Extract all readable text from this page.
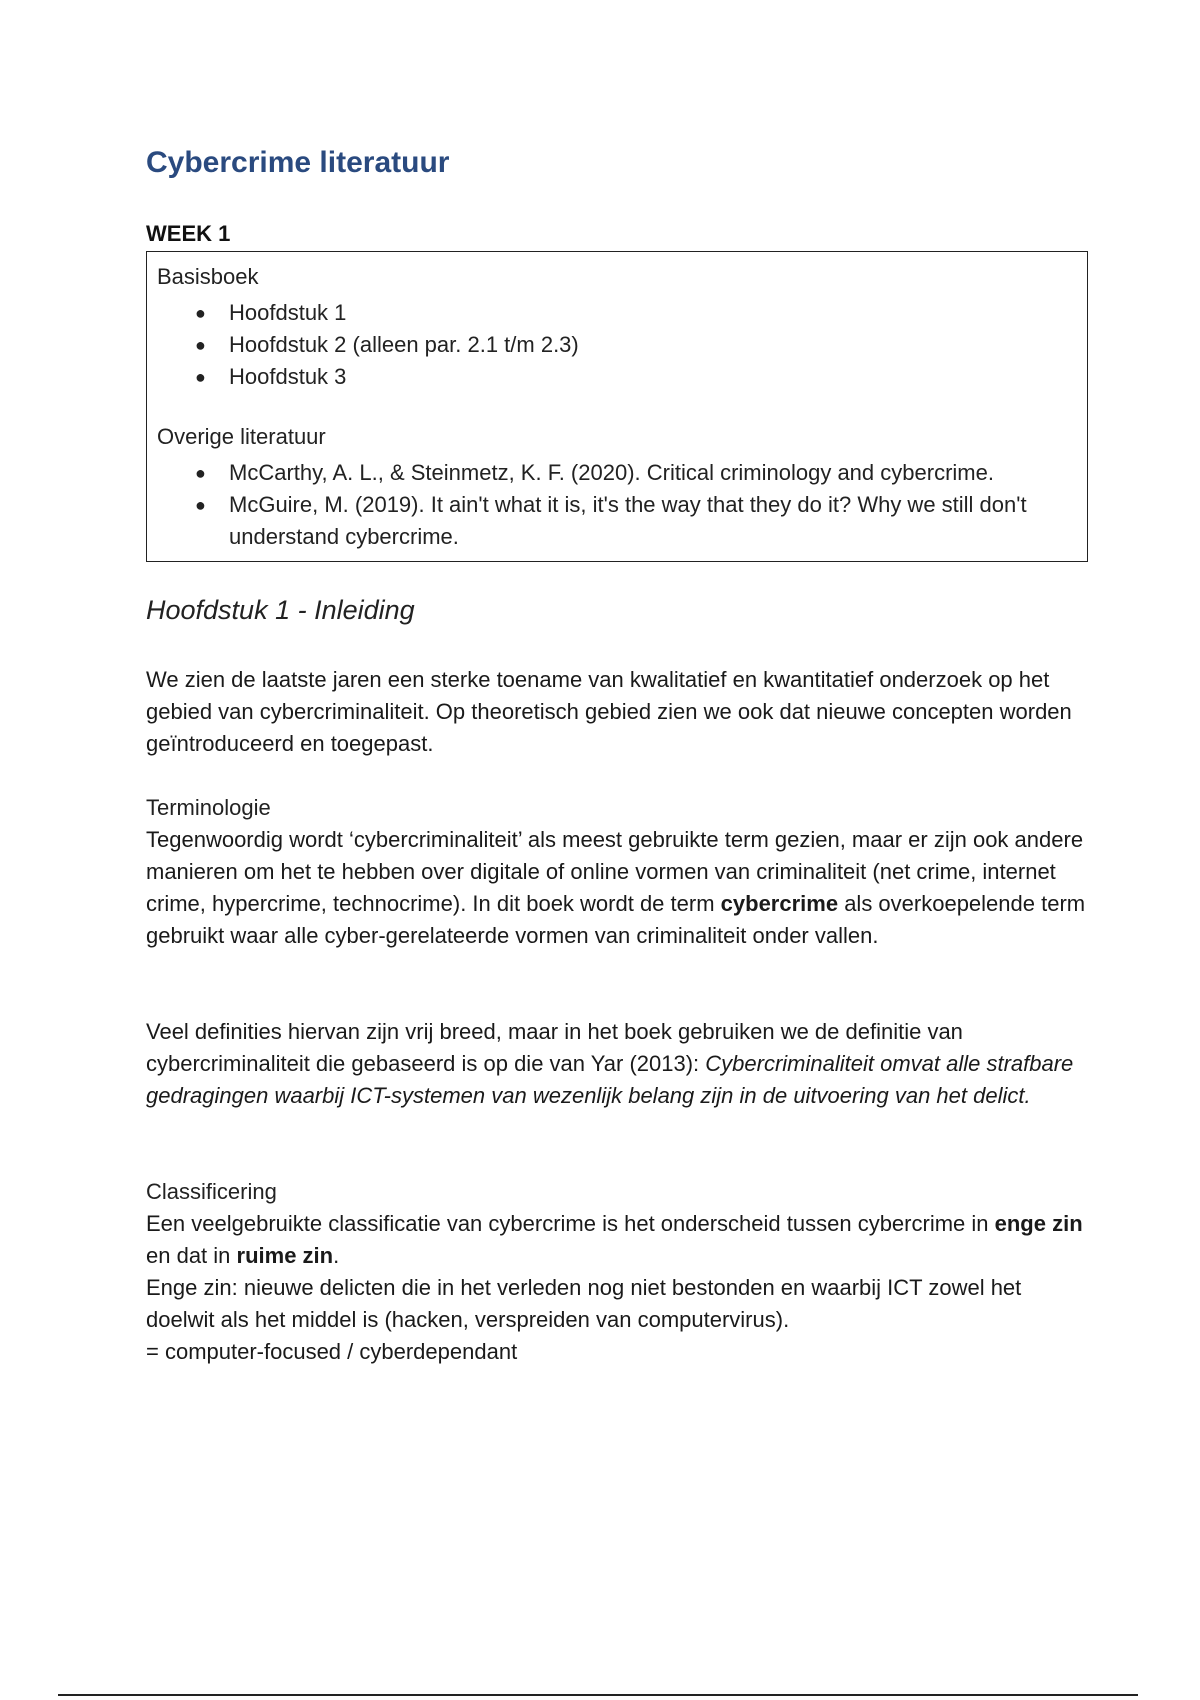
Cybercrime literatuur
WEEK 1
Basisboek
● Hoofdstuk 1
● Hoofdstuk 2 (alleen par. 2.1 t/m 2.3)
● Hoofdstuk 3
Overige literatuur
● McCarthy, A. L., & Steinmetz, K. F. (2020). Critical criminology and cybercrime.
● McGuire, M. (2019). It ain't what it is, it's the way that they do it? Why we still don't understand cybercrime.
Hoofdstuk 1 - Inleiding

We zien de laatste jaren een sterke toename van kwalitatief en kwantitatief onderzoek op het gebied van cybercriminaliteit. Op theoretisch gebied zien we ook dat nieuwe concepten worden geïntroduceerd en toegepast.

Terminologie

Tegenwoordig wordt ‘cybercriminaliteit’ als meest gebruikte term gezien, maar er zijn ook andere manieren om het te hebben over digitale of online vormen van criminaliteit (net crime, internet crime, hypercrime, technocrime). In dit boek wordt de term cybercrime als overkoepelende term gebruikt waar alle cyber-gerelateerde vormen van criminaliteit onder vallen.

Veel definities hiervan zijn vrij breed, maar in het boek gebruiken we de definitie van cybercriminaliteit die gebaseerd is op die van Yar (2013): Cybercriminaliteit omvat alle strafbare gedragingen waarbij ICT-systemen van wezenlijk belang zijn in de uitvoering van het delict.

Classificering

Een veelgebruikte classificatie van cybercrime is het onderscheid tussen cybercrime in enge zin en dat in ruime zin.

Enge zin: nieuwe delicten die in het verleden nog niet bestonden en waarbij ICT zowel het doelwit als het middel is (hacken, verspreiden van computervirus).

= computer-focused / cyberdependant
